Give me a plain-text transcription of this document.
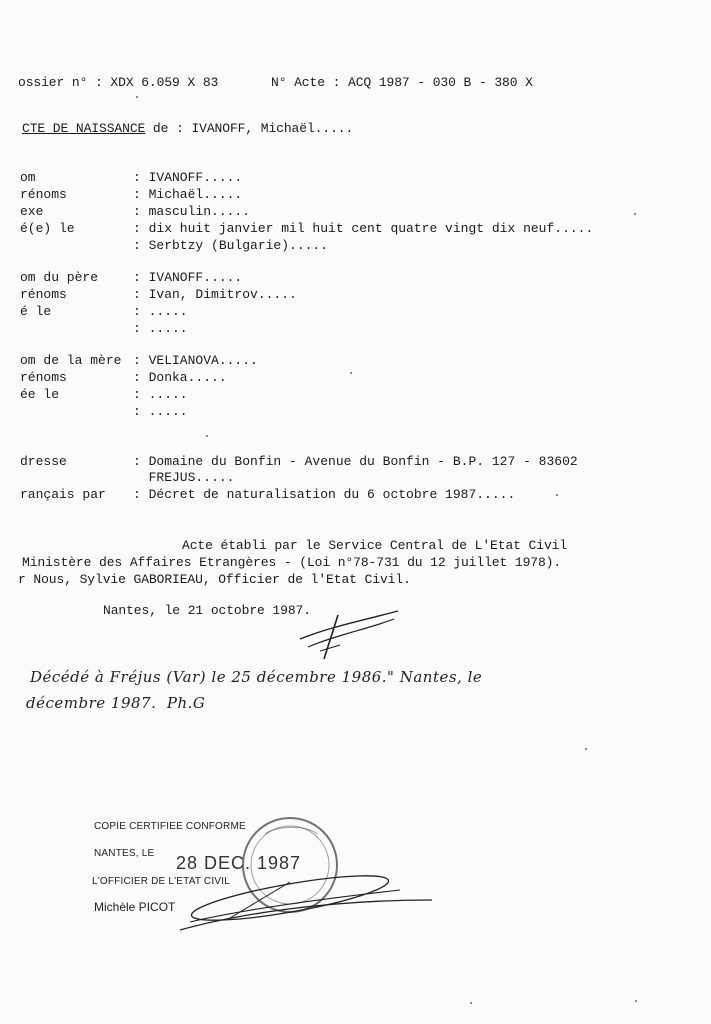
ossier n° : XDX 6.059 X 83	N° Acte : ACQ 1987 - 030 B - 380 X
CTE DE NAISSANCE de : IVANOFF, Michaël.....
om	: IVANOFF.....
rénoms	: Michaël.....
exe	: masculin.....
é(e) le	: dix huit janvier mil huit cent quatre vingt dix neuf.....
: Serbtzy (Bulgarie).....
om du père	: IVANOFF.....
rénoms	: Ivan, Dimitrov.....
é le	: .....
: .....
om de la mère : VELIANOVA.....
rénoms	: Donka.....
ée le	: .....
: .....
dresse	: Domaine du Bonfin - Avenue du Bonfin - B.P. 127 - 83602
FREJUS.....
rançais par : Décret de naturalisation du 6 octobre 1987.....
Acte établi par le Service Central de L'Etat Civil
Ministère des Affaires Etrangères - (Loi n°78-731 du 12 juillet 1978).
r Nous, Sylvie GABORIEAU, Officier de l'Etat Civil.
Nantes, le 21 octobre 1987.
Décédé à Fréjus (Var) le 25 décembre 1986." Nantes, le
décembre 1987.  Ph.G
COPIE CERTIFIEE CONFORME
NANTES, LE 28 DEC. 1987
L'OFFICIER DE L'ETAT CIVIL
Michèle PICOT
